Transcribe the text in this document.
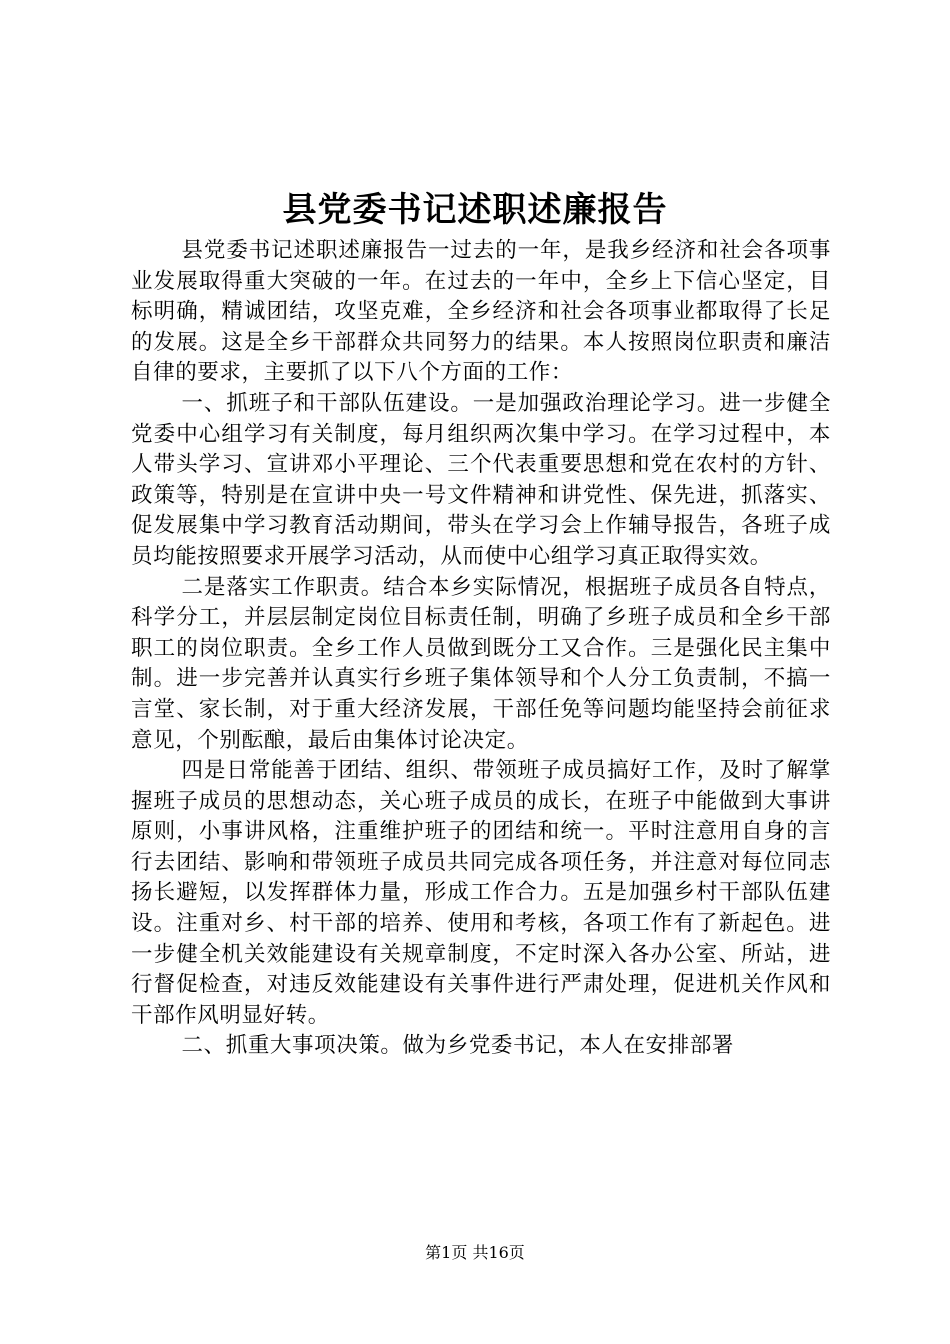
县党委书记述职述廉报告

县党委书记述职述廉报告一过去的一年，是我乡经济和社会各项事业发展取得重大突破的一年。在过去的一年中，全乡上下信心坚定，目标明确，精诚团结，攻坚克难，全乡经济和社会各项事业都取得了长足的发展。这是全乡干部群众共同努力的结果。本人按照岗位职责和廉洁自律的要求，主要抓了以下八个方面的工作：

一、抓班子和干部队伍建设。一是加强政治理论学习。进一步健全党委中心组学习有关制度，每月组织两次集中学习。在学习过程中，本人带头学习、宣讲邓小平理论、三个代表重要思想和党在农村的方针、政策等，特别是在宣讲中央一号文件精神和讲党性、保先进，抓落实、促发展集中学习教育活动期间，带头在学习会上作辅导报告，各班子成员均能按照要求开展学习活动，从而使中心组学习真正取得实效。

二是落实工作职责。结合本乡实际情况，根据班子成员各自特点，科学分工，并层层制定岗位目标责任制，明确了乡班子成员和全乡干部职工的岗位职责。全乡工作人员做到既分工又合作。三是强化民主集中制。进一步完善并认真实行乡班子集体领导和个人分工负责制，不搞一言堂、家长制，对于重大经济发展，干部任免等问题均能坚持会前征求意见，个别酝酿，最后由集体讨论决定。

四是日常能善于团结、组织、带领班子成员搞好工作，及时了解掌握班子成员的思想动态，关心班子成员的成长，在班子中能做到大事讲原则，小事讲风格，注重维护班子的团结和统一。平时注意用自身的言行去团结、影响和带领班子成员共同完成各项任务，并注意对每位同志扬长避短，以发挥群体力量，形成工作合力。五是加强乡村干部队伍建设。注重对乡、村干部的培养、使用和考核，各项工作有了新起色。进一步健全机关效能建设有关规章制度，不定时深入各办公室、所站，进行督促检查，对违反效能建设有关事件进行严肃处理，促进机关作风和干部作风明显好转。

二、抓重大事项决策。做为乡党委书记，本人在安排部署

第1页 共16页
